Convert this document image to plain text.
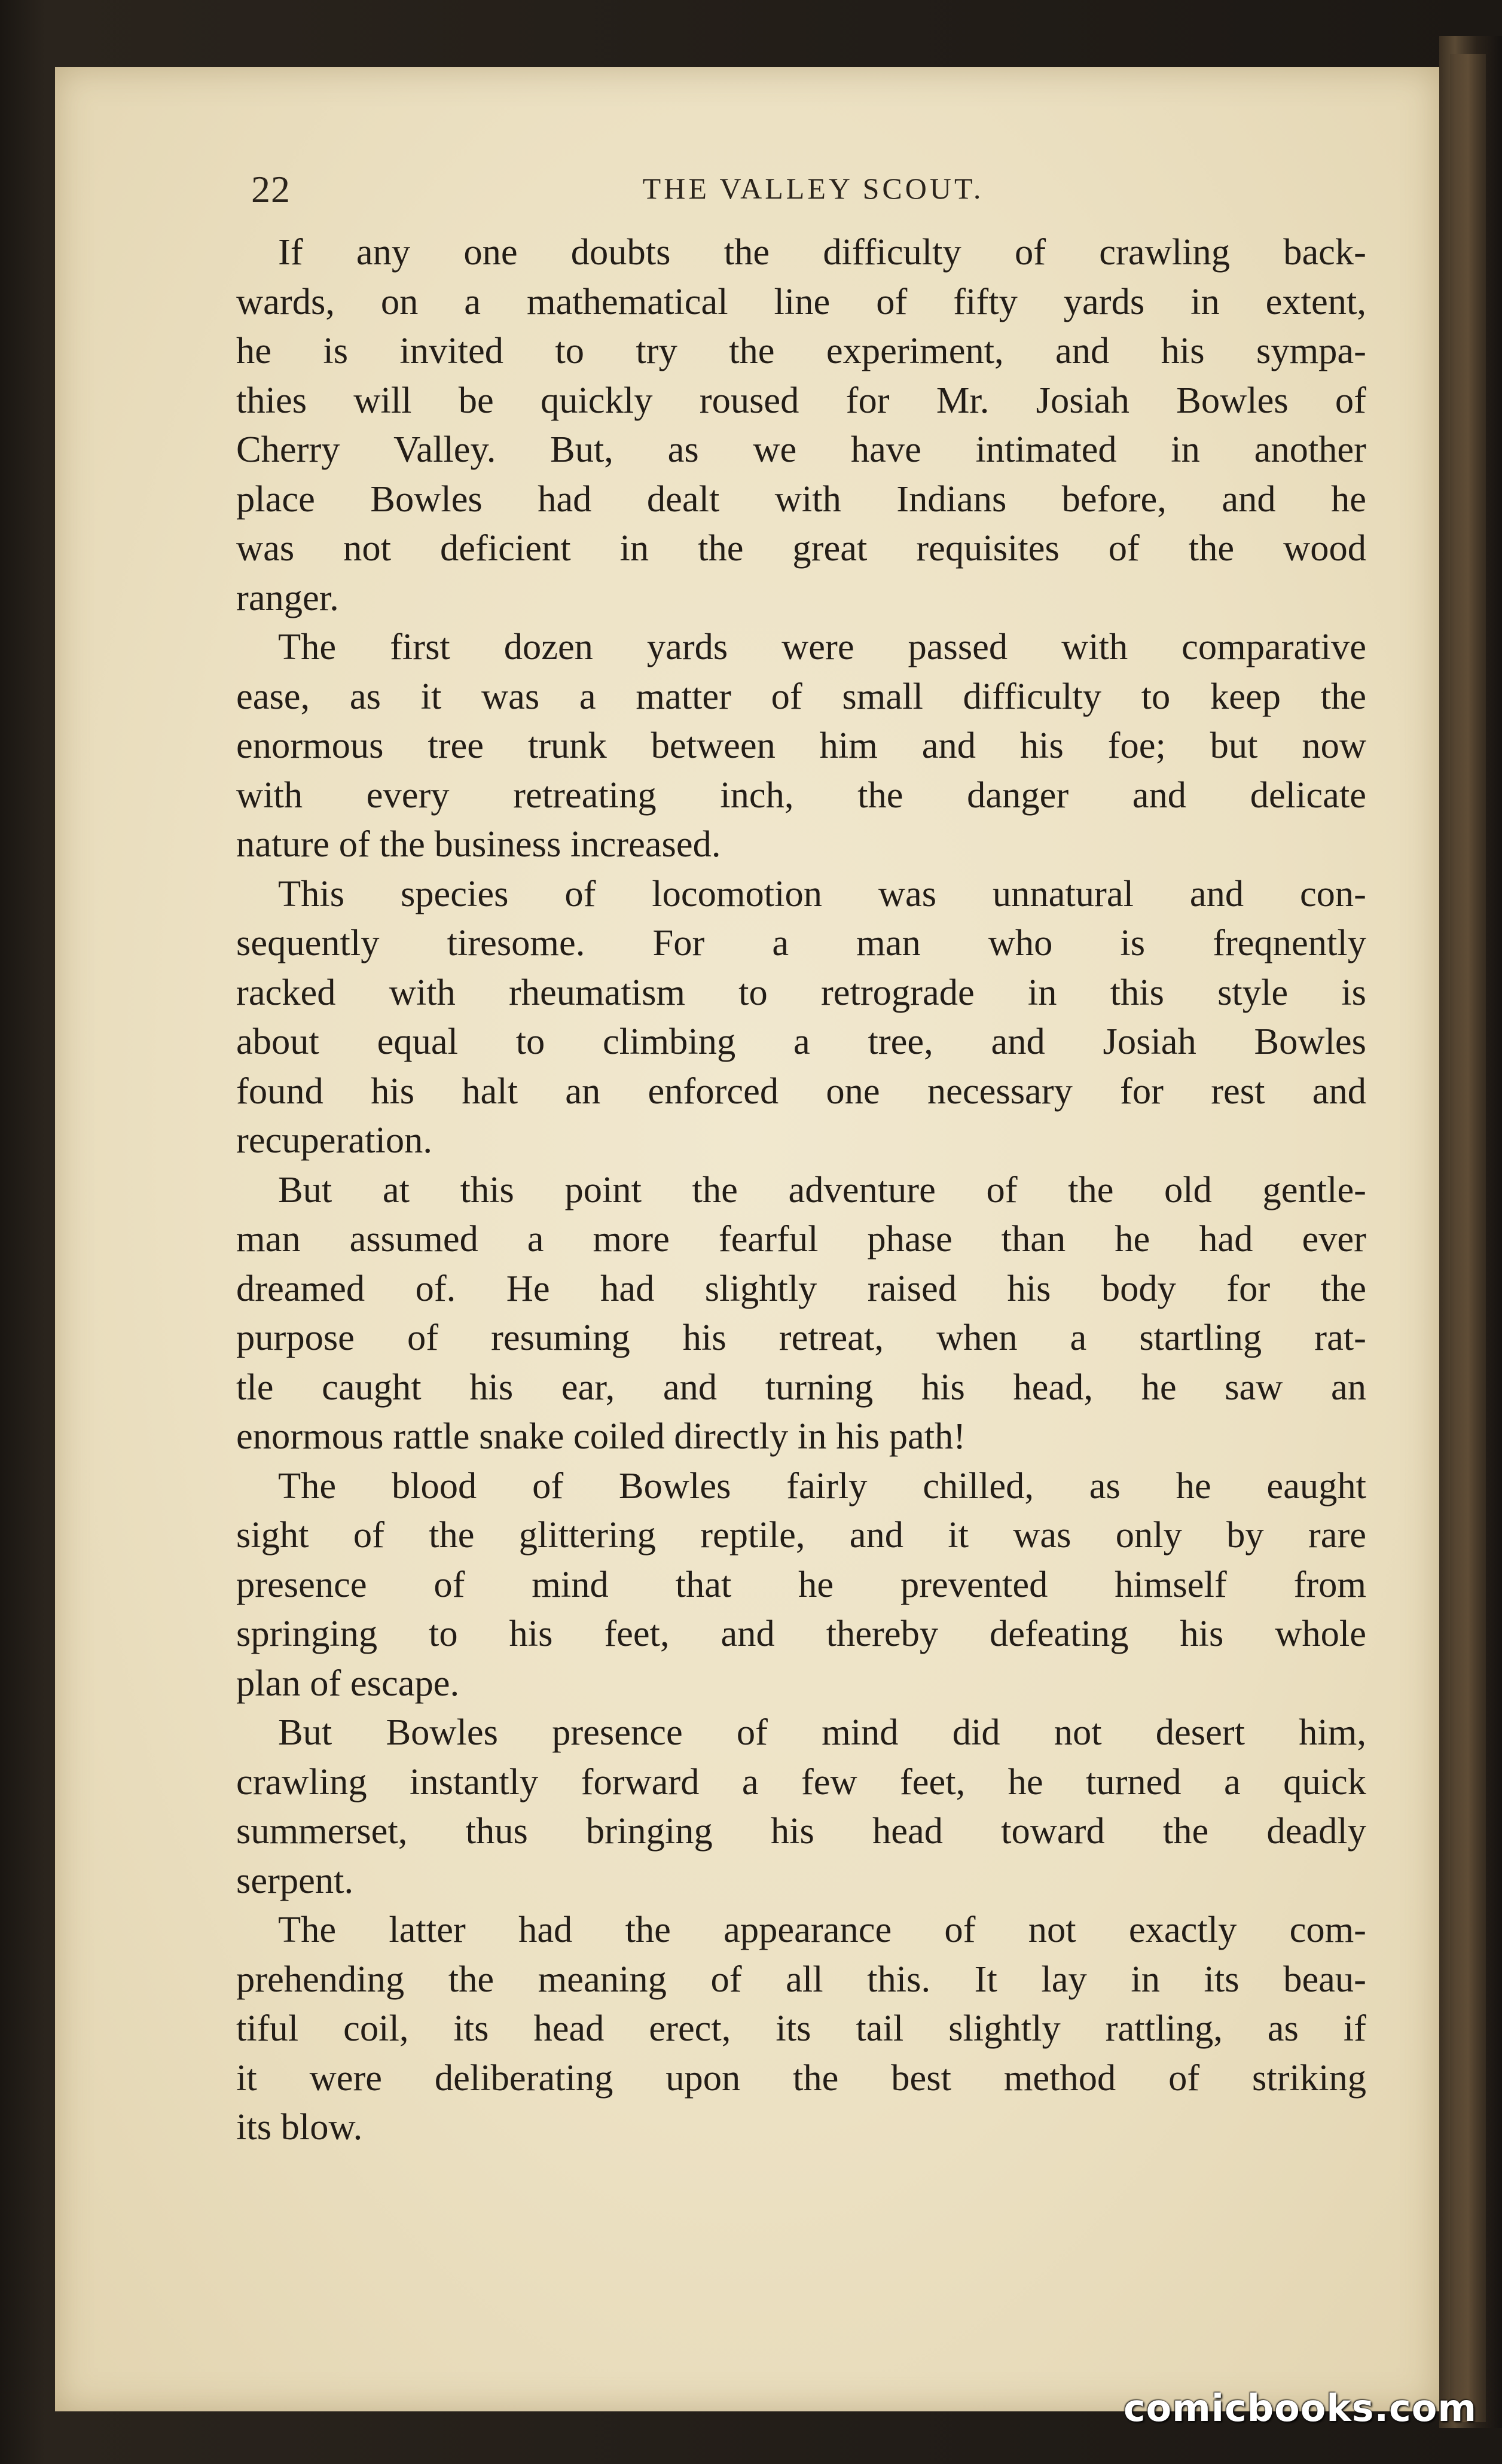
22	THE VALLEY SCOUT.
If any one doubts the difficulty of crawling back-
wards, on a mathematical line of fifty yards in extent,
he is invited to try the experiment, and his sympa-
thies will be quickly roused for Mr. Josiah Bowles of
Cherry Valley. But, as we have intimated in another
place Bowles had dealt with Indians before, and he
was not deficient in the great requisites of the wood
ranger.
The first dozen yards were passed with comparative
ease, as it was a matter of small difficulty to keep the
enormous tree trunk between him and his foe; but now
with every retreating inch, the danger and delicate
nature of the business increased.
This species of locomotion was unnatural and con-
sequently tiresome. For a man who is freqnently
racked with rheumatism to retrograde in this style is
about equal to climbing a tree, and Josiah Bowles
found his halt an enforced one necessary for rest and
recuperation.
But at this point the adventure of the old gentle-
man assumed a more fearful phase than he had ever
dreamed of. He had slightly raised his body for the
purpose of resuming his retreat, when a startling rat-
tle caught his ear, and turning his head, he saw an
enormous rattle snake coiled directly in his path!
The blood of Bowles fairly chilled, as he eaught
sight of the glittering reptile, and it was only by rare
presence of mind that he prevented himself from
springing to his feet, and thereby defeating his whole
plan of escape.
But Bowles presence of mind did not desert him,
crawling instantly forward a few feet, he turned a quick
summerset, thus bringing his head toward the deadly
serpent.
The latter had the appearance of not exactly com-
prehending the meaning of all this. It lay in its beau-
tiful coil, its head erect, its tail slightly rattling, as if
it were deliberating upon the best method of striking
its blow.
comicbooks.com
